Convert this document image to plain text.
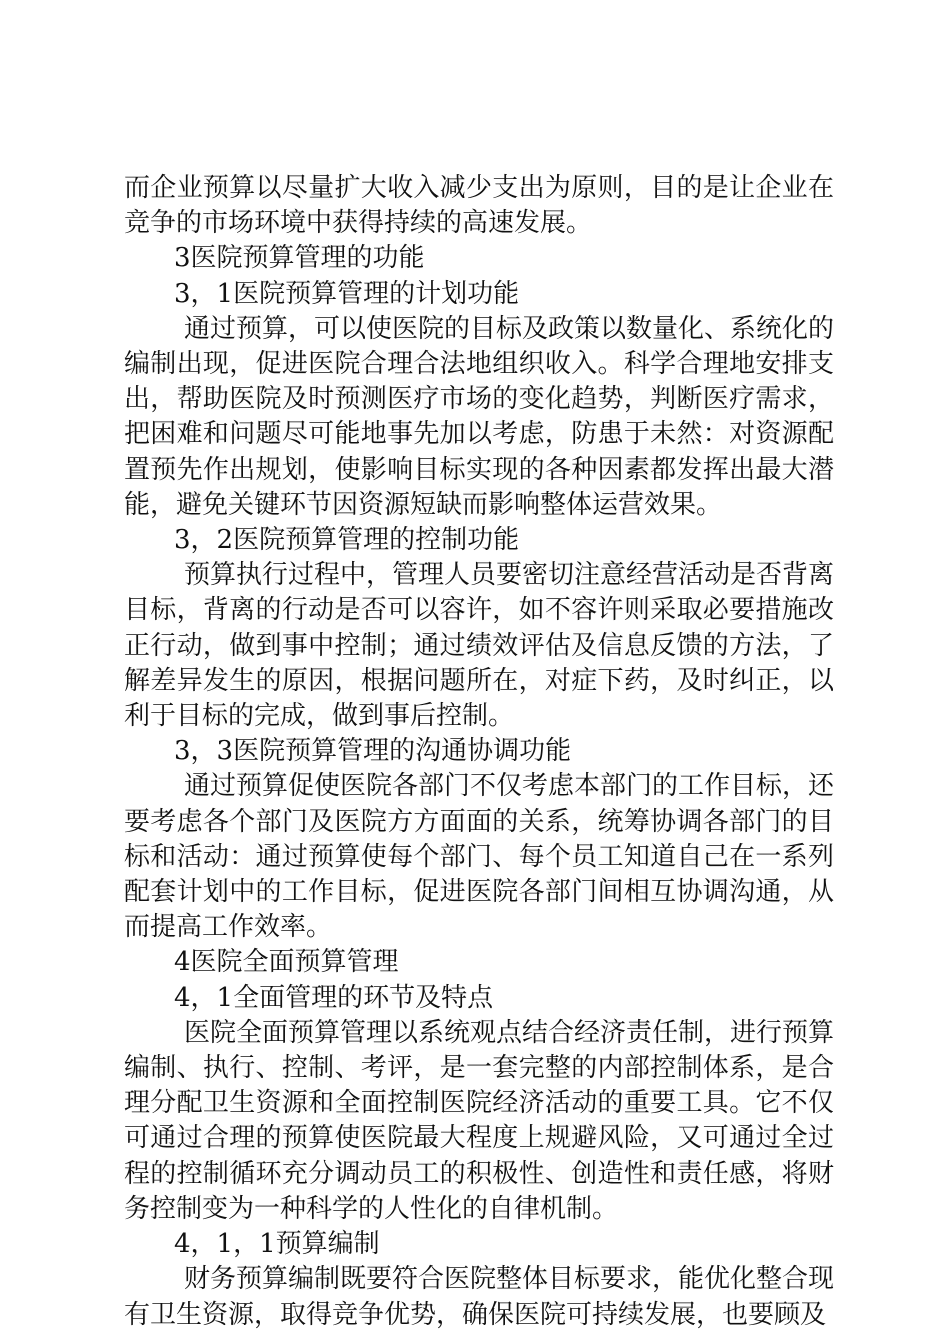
而企业预算以尽量扩大收入减少支出为原则，目的是让企业在竞争的市场环境中获得持续的高速发展。

3医院预算管理的功能

3，1医院预算管理的计划功能

通过预算，可以使医院的目标及政策以数量化、系统化的编制出现，促进医院合理合法地组织收入。科学合理地安排支出，帮助医院及时预测医疗市场的变化趋势，判断医疗需求，把困难和问题尽可能地事先加以考虑，防患于未然：对资源配置预先作出规划，使影响目标实现的各种因素都发挥出最大潜能，避免关键环节因资源短缺而影响整体运营效果。

3，2医院预算管理的控制功能

预算执行过程中，管理人员要密切注意经营活动是否背离目标，背离的行动是否可以容许，如不容许则采取必要措施改正行动，做到事中控制；通过绩效评估及信息反馈的方法，了解差异发生的原因，根据问题所在，对症下药，及时纠正，以利于目标的完成，做到事后控制。

3，3医院预算管理的沟通协调功能

通过预算促使医院各部门不仅考虑本部门的工作目标，还要考虑各个部门及医院方方面面的关系，统筹协调各部门的目标和活动：通过预算使每个部门、每个员工知道自己在一系列配套计划中的工作目标，促进医院各部门间相互协调沟通，从而提高工作效率。

4医院全面预算管理

4，1全面管理的环节及特点

医院全面预算管理以系统观点结合经济责任制，进行预算编制、执行、控制、考评，是一套完整的内部控制体系，是合理分配卫生资源和全面控制医院经济活动的重要工具。它不仅可通过合理的预算使医院最大程度上规避风险，又可通过全过程的控制循环充分调动员工的积极性、创造性和责任感，将财务控制变为一种科学的人性化的自律机制。

4，1，1预算编制

财务预算编制既要符合医院整体目标要求，能优化整合现有卫生资源，取得竞争优势，确保医院可持续发展，也要顾及
